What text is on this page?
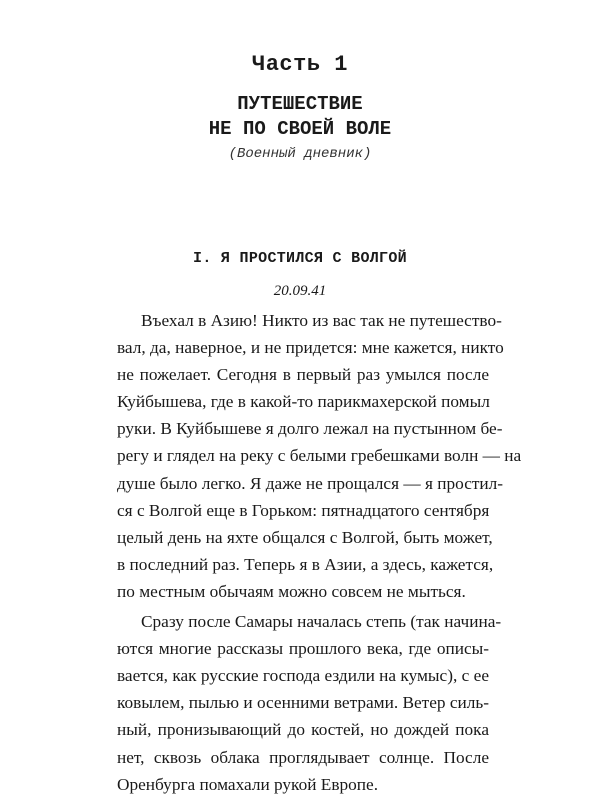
Часть 1
ПУТЕШЕСТВИЕ
НЕ ПО СВОЕЙ ВОЛЕ

(Военный дневник)

I. Я ПРОСТИЛСЯ С ВОЛГОЙ

20.09.41

Въехал в Азию! Никто из вас так не путешество-
вал, да, наверное, и не придется: мне кажется, никто
не пожелает. Сегодня в первый раз умылся после
Куйбышева, где в какой-то парикмахерской помыл
руки. В Куйбышеве я долго лежал на пустынном бе-
регу и глядел на реку с белыми гребешками волн — на
душе было легко. Я даже не прощался — я простил-
ся с Волгой еще в Горьком: пятнадцатого сентября
целый день на яхте общался с Волгой, быть может,
в последний раз. Теперь я в Азии, а здесь, кажется,
по местным обычаям можно совсем не мыться.

Сразу после Самары началась степь (так начина-
ются многие рассказы прошлого века, где описы-
вается, как русские господа ездили на кумыс), с ее
ковылем, пылью и осенними ветрами. Ветер силь-
ный, пронизывающий до костей, но дождей пока
нет, сквозь облака проглядывает солнце. После
Оренбурга помахали рукой Европе.
